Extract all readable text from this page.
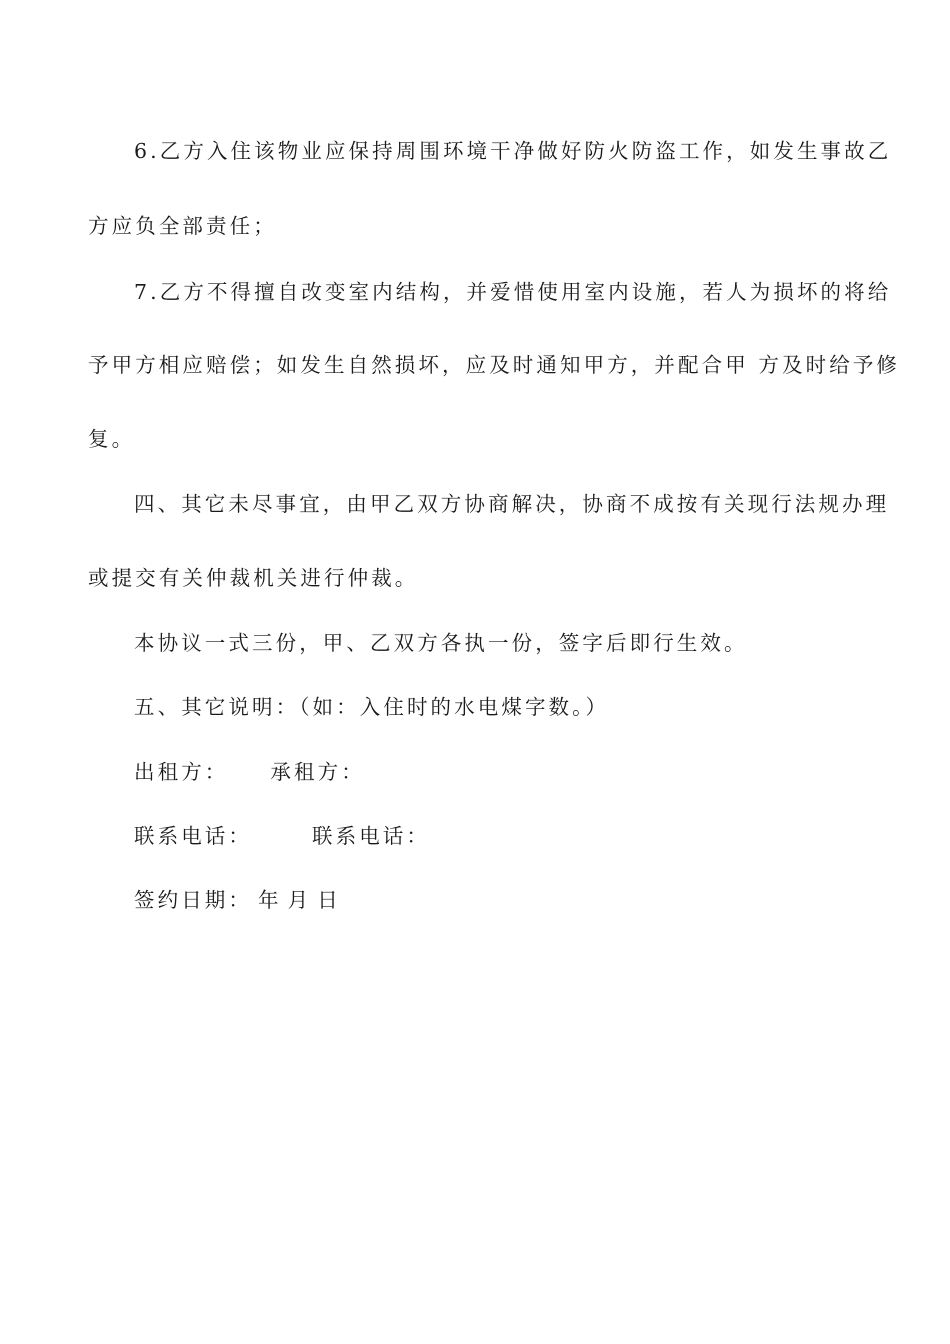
6.乙方入住该物业应保持周围环境干净做好防火防盗工作，如发生事故乙
方应负全部责任；
7.乙方不得擅自改变室内结构，并爱惜使用室内设施，若人为损坏的将给
予甲方相应赔偿；如发生自然损坏，应及时通知甲方，并配合甲 方及时给予修
复。
四、其它未尽事宜，由甲乙双方协商解决，协商不成按有关现行法规办理
或提交有关仲裁机关进行仲裁。
本协议一式三份，甲、乙双方各执一份，签字后即行生效。
五、其它说明：（如：入住时的水电煤字数。）
出租方： 承租方：
联系电话：	联系电话：
签约日期： 年 月 日
